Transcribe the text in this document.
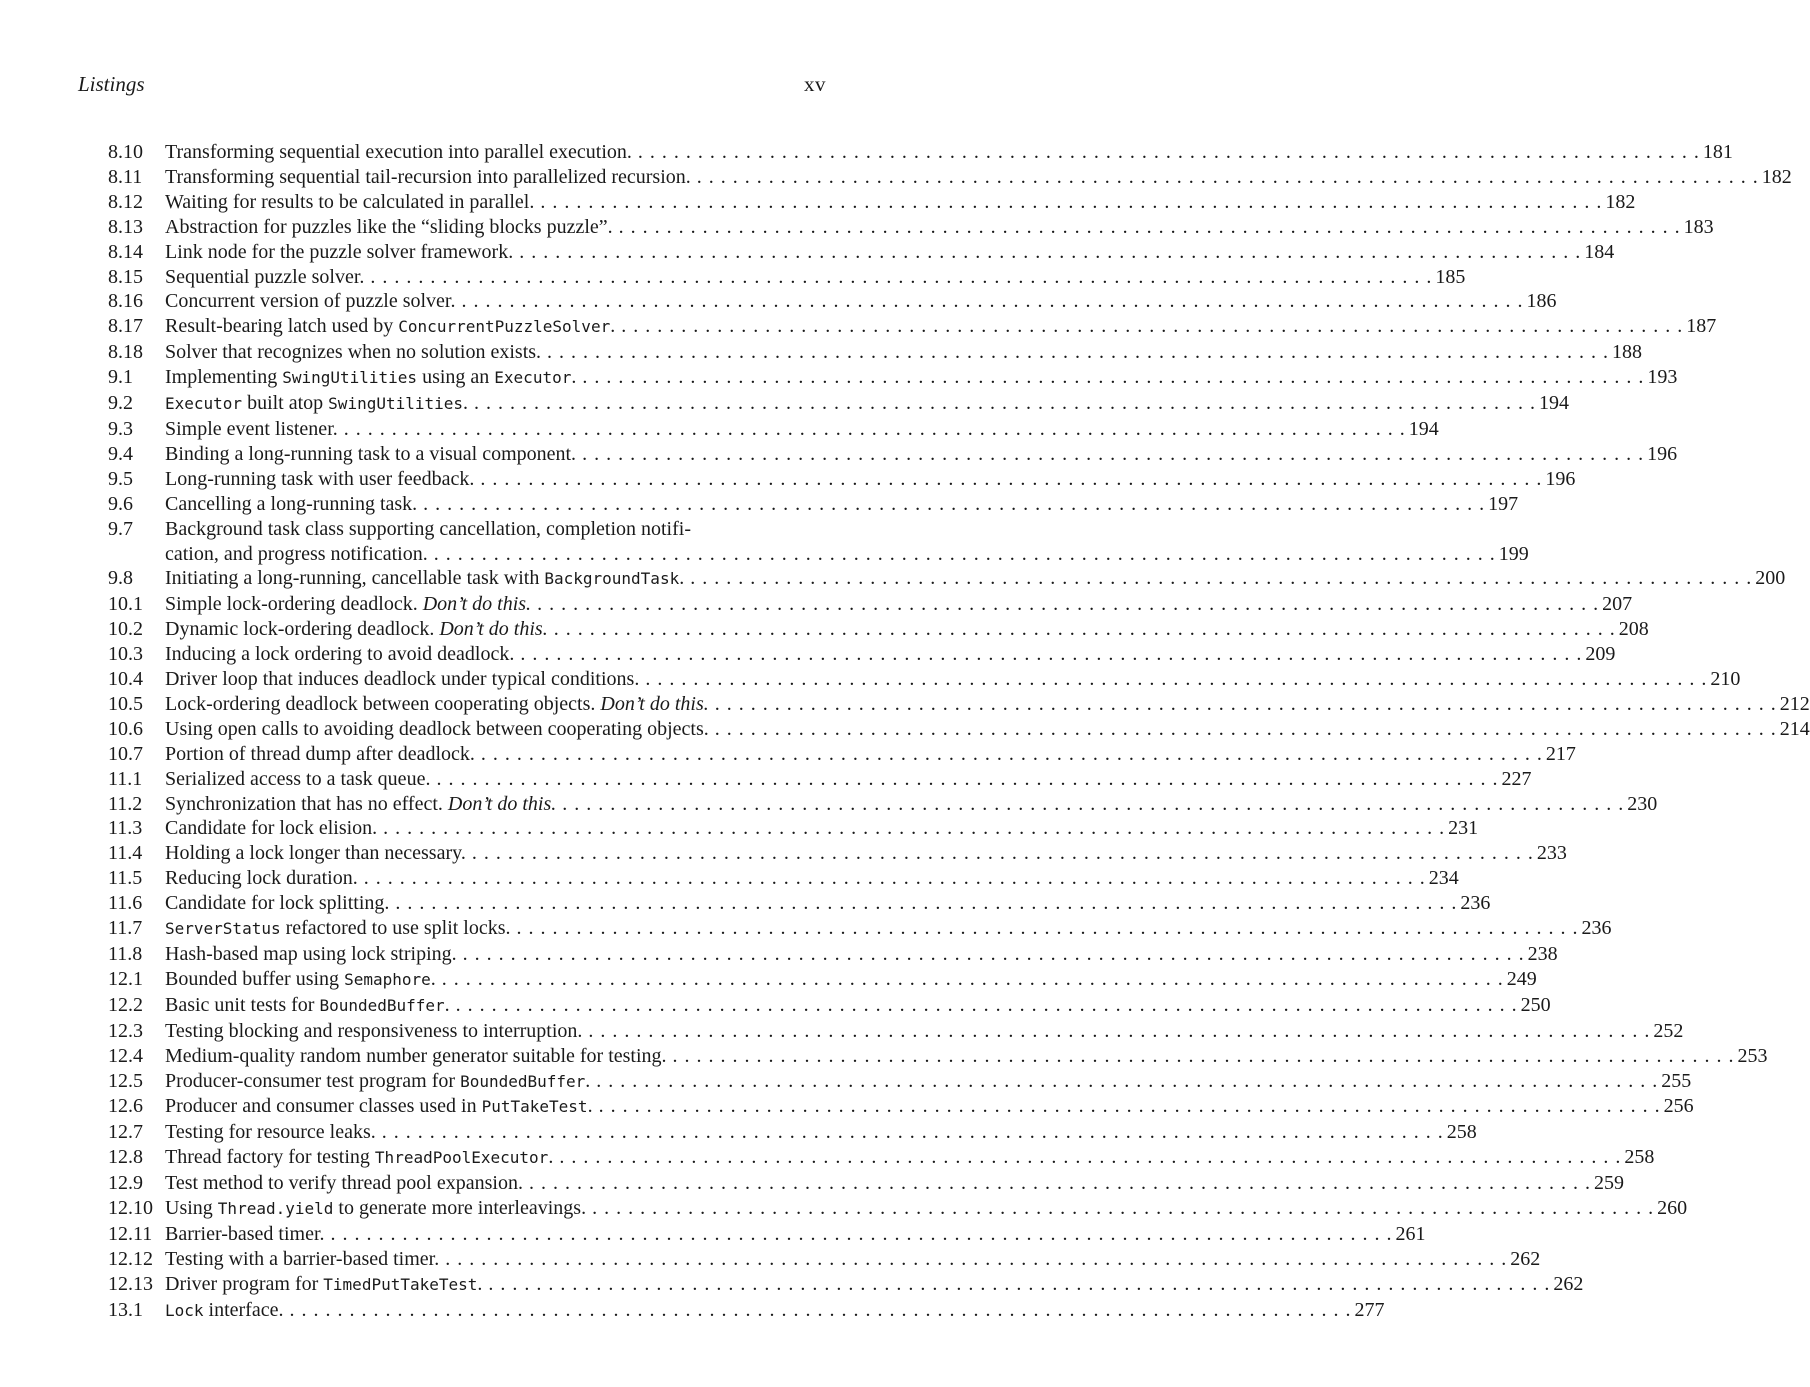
Listings	xv
8.10	Transforming sequential execution into parallel execution. . . .	181
8.11	Transforming sequential tail-recursion into parallelized recursion. . . .	182
8.12	Waiting for results to be calculated in parallel. . . .	182
8.13	Abstraction for puzzles like the “sliding blocks puzzle”. . . .	183
8.14	Link node for the puzzle solver framework. . . .	184
8.15	Sequential puzzle solver. . . .	185
8.16	Concurrent version of puzzle solver. . . .	186
8.17	Result-bearing latch used by ConcurrentPuzzleSolver. . . .	187
8.18	Solver that recognizes when no solution exists. . . .	188
9.1	Implementing SwingUtilities using an Executor. . . .	193
9.2	Executor built atop SwingUtilities. . . .	194
9.3	Simple event listener. . . .	194
9.4	Binding a long-running task to a visual component. . . .	196
9.5	Long-running task with user feedback. . . .	196
9.6	Cancelling a long-running task. . . .	197
9.7	Background task class supporting cancellation, completion notifi-
cation, and progress notification. . . .	199
9.8	Initiating a long-running, cancellable task with BackgroundTask. . . .	200
10.1	Simple lock-ordering deadlock. Don’t do this. . . .	207
10.2	Dynamic lock-ordering deadlock. Don’t do this. . . .	208
10.3	Inducing a lock ordering to avoid deadlock. . . .	209
10.4	Driver loop that induces deadlock under typical conditions. . . .	210
10.5	Lock-ordering deadlock between cooperating objects. Don’t do this. . . .	212
10.6	Using open calls to avoiding deadlock between cooperating objects. . . .	214
10.7	Portion of thread dump after deadlock. . . .	217
11.1	Serialized access to a task queue. . . .	227
11.2	Synchronization that has no effect. Don’t do this. . . .	230
11.3	Candidate for lock elision. . . .	231
11.4	Holding a lock longer than necessary. . . .	233
11.5	Reducing lock duration. . . .	234
11.6	Candidate for lock splitting. . . .	236
11.7	ServerStatus refactored to use split locks. . . .	236
11.8	Hash-based map using lock striping. . . .	238
12.1	Bounded buffer using Semaphore. . . .	249
12.2	Basic unit tests for BoundedBuffer. . . .	250
12.3	Testing blocking and responsiveness to interruption. . . .	252
12.4	Medium-quality random number generator suitable for testing. . . .	253
12.5	Producer-consumer test program for BoundedBuffer. . . .	255
12.6	Producer and consumer classes used in PutTakeTest. . . .	256
12.7	Testing for resource leaks. . . .	258
12.8	Thread factory for testing ThreadPoolExecutor. . . .	258
12.9	Test method to verify thread pool expansion. . . .	259
12.10 Using Thread.yield to generate more interleavings. . . .	260
12.11 Barrier-based timer. . . .	261
12.12 Testing with a barrier-based timer. . . .	262
12.13 Driver program for TimedPutTakeTest. . . .	262
13.1	Lock interface. . . .	277
